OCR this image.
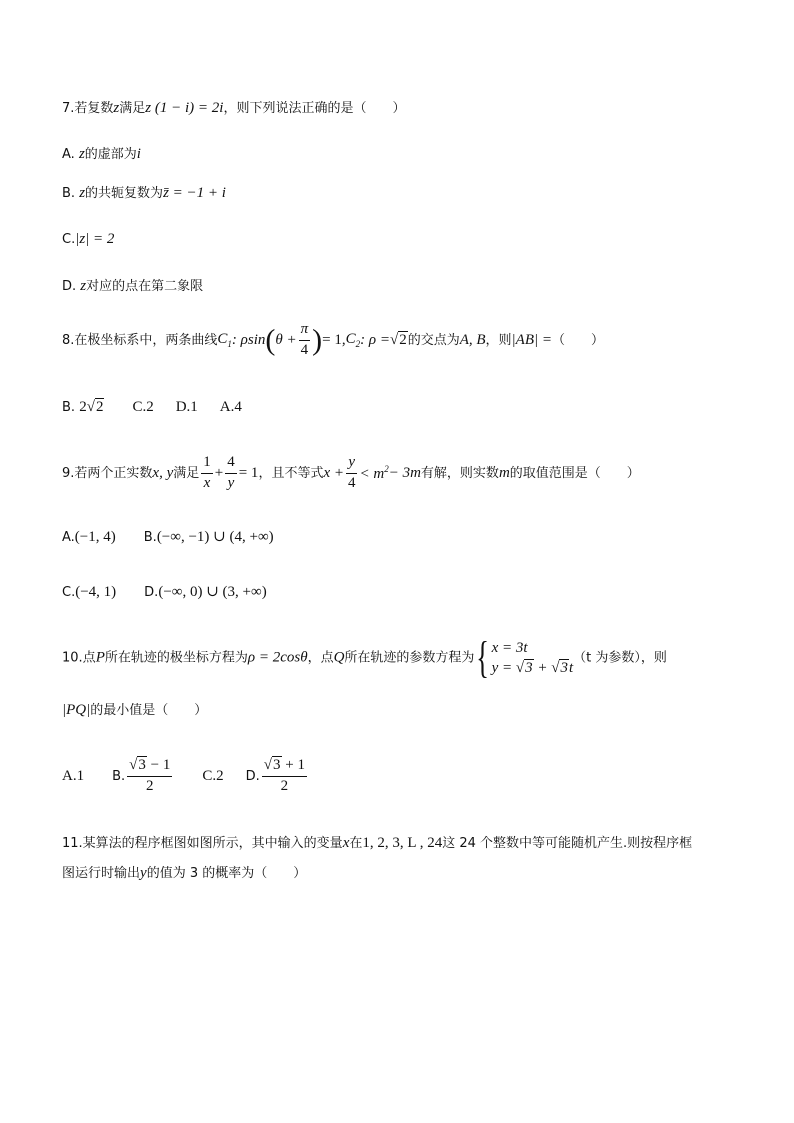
7.若复数z满足z (1 − i) = 2i，则下列说法正确的是（　　）
A. z的虚部为i
B. z的共轭复数为z̄ = −1 + i
C.|z| = 2
D. z对应的点在第二象限
8.在极坐标系中，两条曲线$C_1$: $\rho\sin(\theta + \frac{\pi}{4}$ )= $1,C_2$: ρ =√2的交点为A, B，则|AB| =（　　）
B. 2√2 C.2 D.1 A.4
9.若两个正实数x, y满足 $\frac{1}{x} + \frac{4}{y} = 1$，且不等式$x + \frac{y}{4} < m^2- 3m$有解，则实数m的取值范围是（　　）
A.(−1, 4) B.(−∞, −1) ∪ (4, +∞)
C.(−4, 1) D.(−∞, 0) ∪ (3, +∞)
10.点P所在轨迹的极坐标方程为ρ = 2cosθ，点Q所在轨迹的参数方程为{ x = 3t
y = √3 + √3t
（t 为参数），则
|PQ|的最小值是（　　）
A.1 B. $\frac{√3 - 1}{2} C.2$ D. $\frac{√3 + 1}{2}$
11.某算法的程序框图如图所示，其中输入的变量x在1, 2, 3, L , 24这 24 个整数中等可能随机产生.则按程序框
图运行时输出y的值为 3 的概率为（　　）
